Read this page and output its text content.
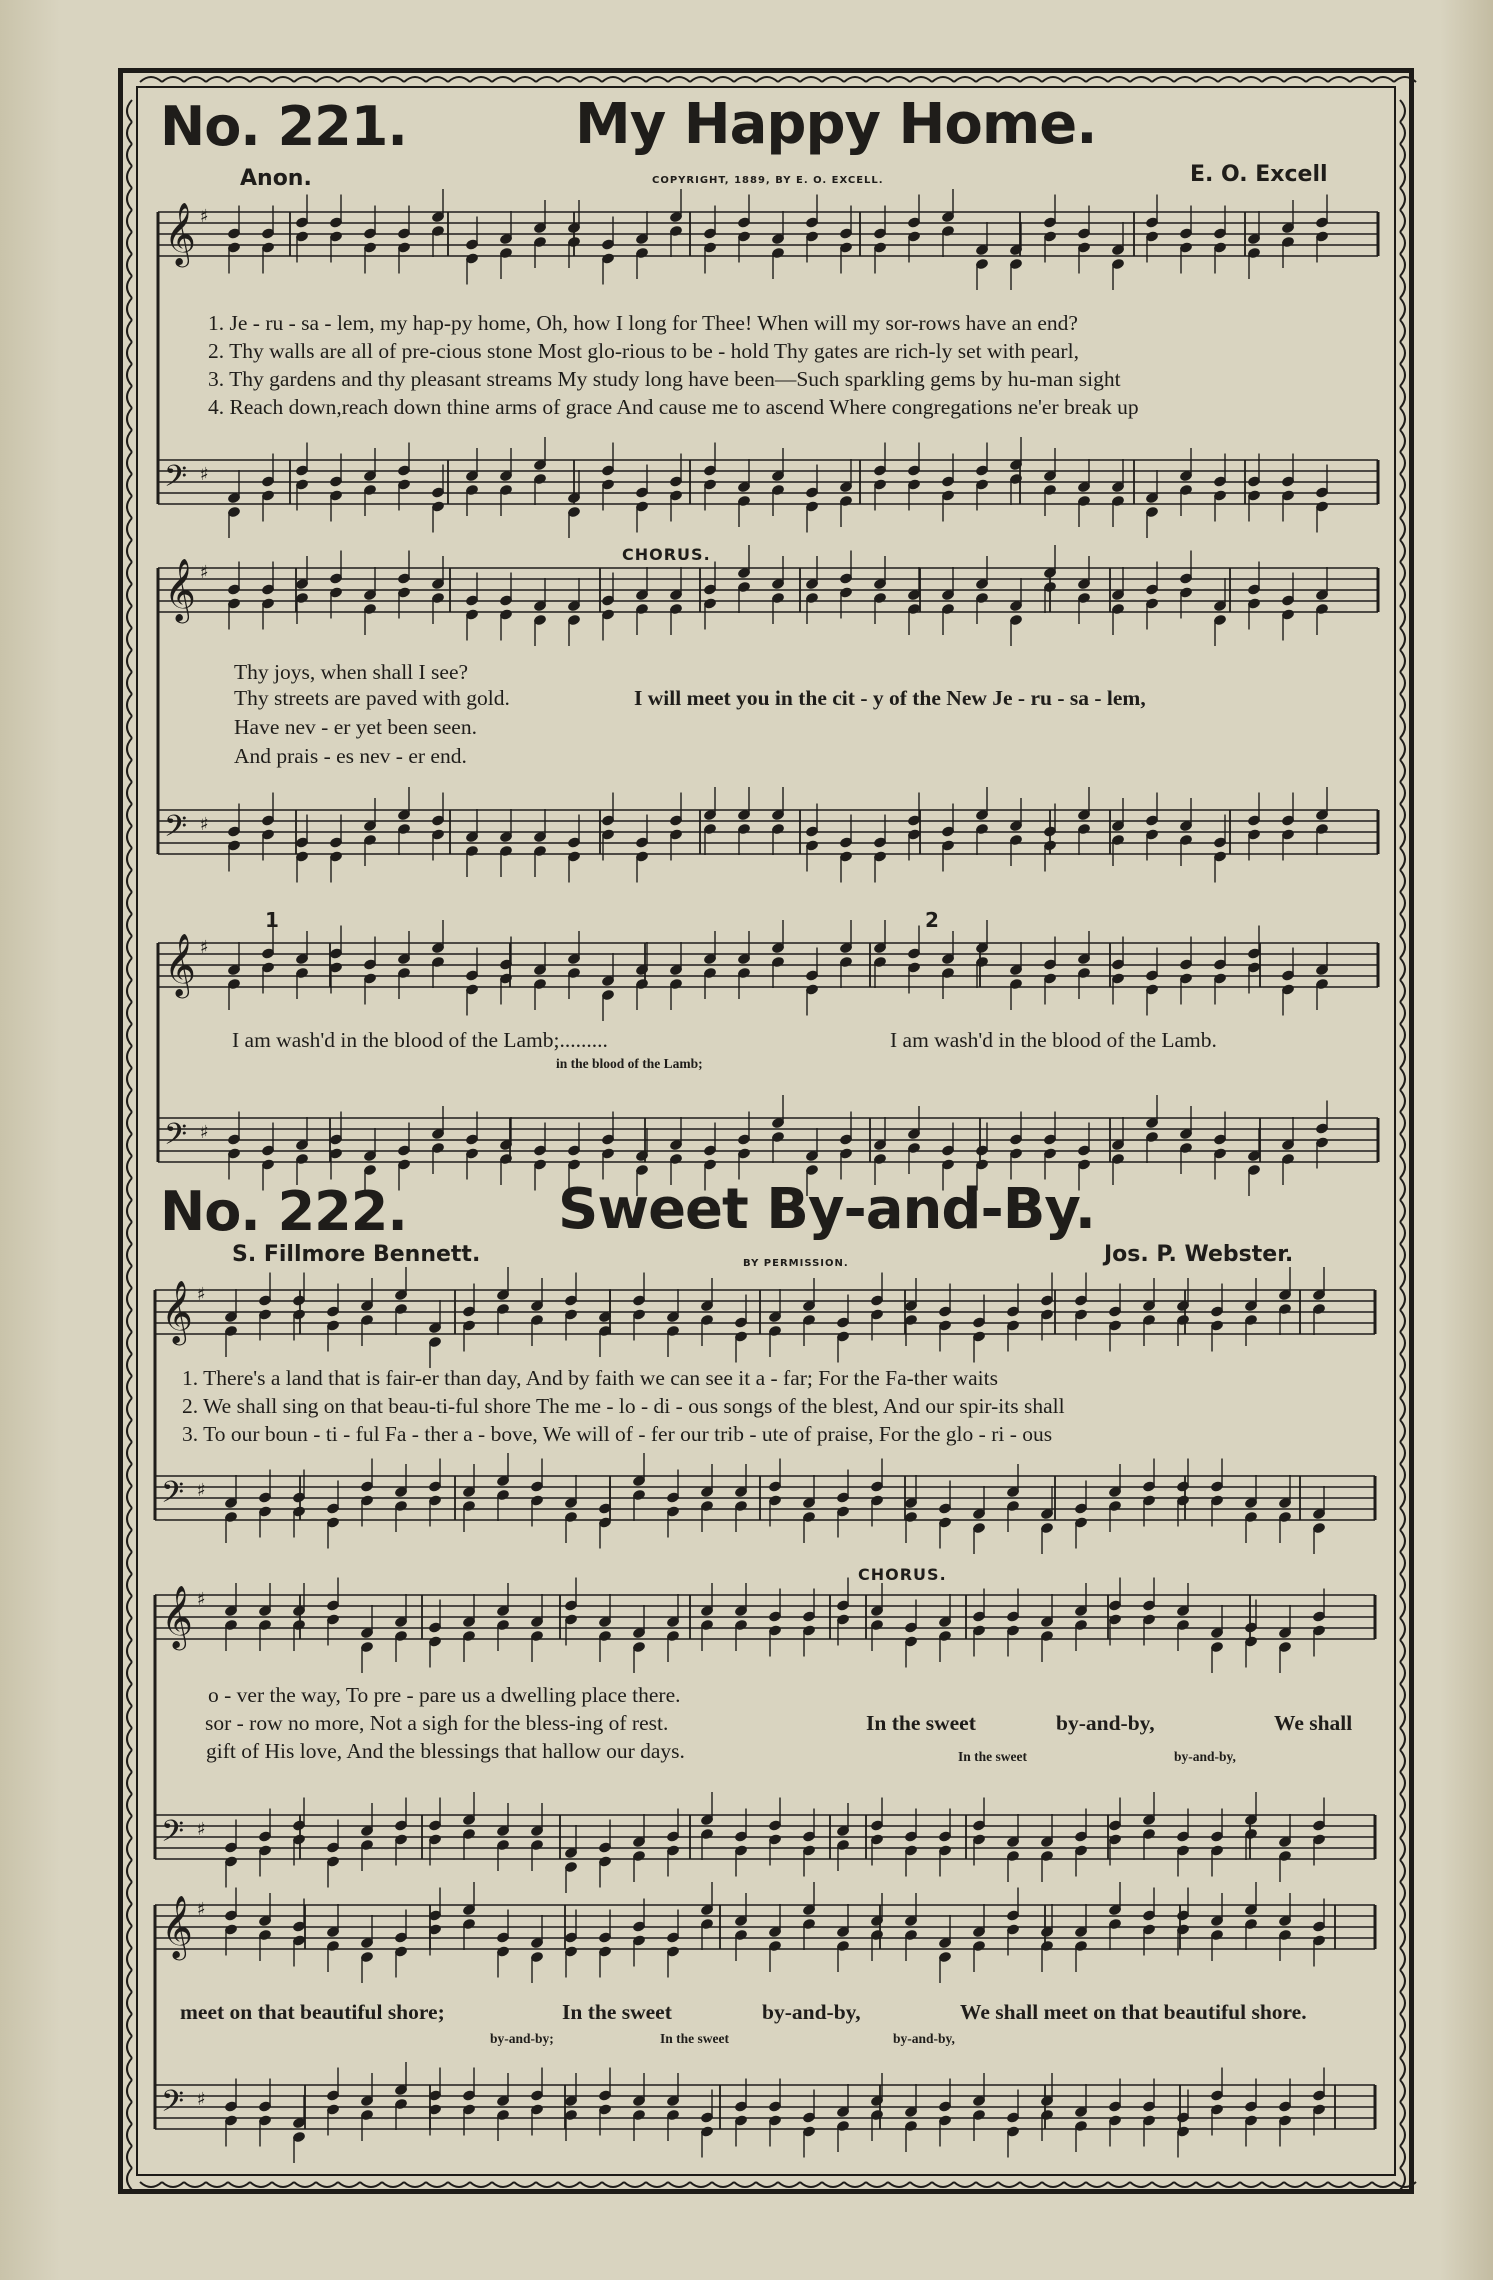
𝄞 ♯
𝄢 ♯
𝄞 ♯
𝄢 ♯
𝄞 ♯
𝄢 ♯
𝄞 ♯
𝄢 ♯
𝄞 ♯
𝄢 ♯
𝄞 ♯
𝄢 ♯
No. 221.	My Happy Home.
Anon.	COPYRIGHT, 1889, BY E. O. EXCELL.	E. O. Excell
1. Je - ru - sa - lem, my hap-py home, Oh, how I long for Thee! When will my sor-rows have an end?
2. Thy walls are all of pre-cious stone Most glo-rious to be - hold Thy gates are rich-ly set with pearl,
3. Thy gardens and thy pleasant streams My study long have been—Such sparkling gems by hu-man sight
4. Reach down,reach down thine arms of grace And cause me to ascend Where congregations ne'er break up
CHORUS.
Thy joys, when shall I see?
Thy streets are paved with gold.
Have nev - er yet been seen.
And prais - es nev - er end.
I will meet you in the cit - y of the New Je - ru - sa - lem,
1	2
I am wash'd in the blood of the Lamb;.........
in the blood of the Lamb;
I am wash'd in the blood of the Lamb.
No. 222.	Sweet By-and-By.
S. Fillmore Bennett.	BY PERMISSION.	Jos. P. Webster.
1. There's a land that is fair-er than day, And by faith we can see it a - far; For the Fa-ther waits
2. We shall sing on that beau-ti-ful shore The me - lo - di - ous songs of the blest, And our spir-its shall
3. To our boun - ti - ful Fa - ther a - bove, We will of - fer our trib - ute of praise, For the glo - ri - ous
CHORUS.
o - ver the way, To pre - pare us a dwelling place there.
sor - row no more, Not a sigh for the bless-ing of rest.
gift of His love, And the blessings that hallow our days.
In the sweet	by-and-by,	We shall
In the sweet	by-and-by,
meet on that beautiful shore;	In the sweet	by-and-by,	We shall meet on that beautiful shore.
by-and-by;	In the sweet	by-and-by,
